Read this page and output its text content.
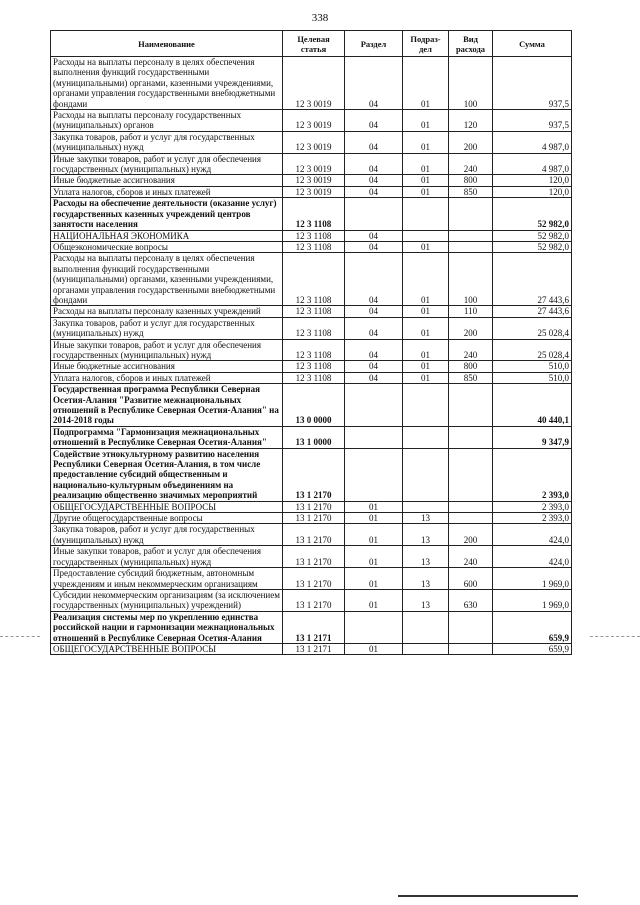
338
Наименование	Целевая статья	Раздел	Подраз-дел	Вид расхода	Сумма
Расходы на выплаты персоналу в целях обеспечения выполнения функций государственными (муниципальными) органами, казенными учреждениями, органами управления государственными внебюджетными фондами	12 3 0019	04	01	100	937,5
Расходы на выплаты персоналу государственных (муниципальных) органов	12 3 0019	04	01	120	937,5
Закупка товаров, работ и услуг для государственных (муниципальных) нужд	12 3 0019	04	01	200	4 987,0
Иные закупки товаров, работ и услуг для обеспечения государственных (муниципальных) нужд	12 3 0019	04	01	240	4 987,0
Иные бюджетные ассигнования	12 3 0019	04	01	800	120,0
Уплата налогов, сборов и иных платежей	12 3 0019	04	01	850	120,0
Расходы на обеспечение деятельности (оказание услуг) государственных казенных учреждений центров занятости населения	12 3 1108				52 982,0
НАЦИОНАЛЬНАЯ ЭКОНОМИКА	12 3 1108	04			52 982,0
Общеэкономические вопросы	12 3 1108	04	01		52 982,0
Расходы на выплаты персоналу в целях обеспечения выполнения функций государственными (муниципальными) органами, казенными учреждениями, органами управления государственными внебюджетными фондами	12 3 1108	04	01	100	27 443,6
Расходы на выплаты персоналу казенных учреждений	12 3 1108	04	01	110	27 443,6
Закупка товаров, работ и услуг для государственных (муниципальных) нужд	12 3 1108	04	01	200	25 028,4
Иные закупки товаров, работ и услуг для обеспечения государственных (муниципальных) нужд	12 3 1108	04	01	240	25 028,4
Иные бюджетные ассигнования	12 3 1108	04	01	800	510,0
Уплата налогов, сборов и иных платежей	12 3 1108	04	01	850	510,0
Государственная программа Республики Северная Осетия-Алания "Развитие межнациональных отношений в Республике Северная Осетия-Алания" на 2014-2018 годы	13 0 0000				40 440,1
Подпрограмма "Гармонизация межнациональных отношений в Республике Северная Осетия-Алания"	13 1 0000				9 347,9
Содействие этнокультурному развитию населения Республики Северная Осетия-Алания, в том числе предоставление субсидий общественным и национально-культурным объединениям на реализацию общественно значимых мероприятий	13 1 2170				2 393,0
ОБЩЕГОСУДАРСТВЕННЫЕ ВОПРОСЫ	13 1 2170	01			2 393,0
Другие общегосударственные вопросы	13 1 2170	01	13		2 393,0
Закупка товаров, работ и услуг для государственных (муниципальных) нужд	13 1 2170	01	13	200	424,0
Иные закупки товаров, работ и услуг для обеспечения государственных (муниципальных) нужд	13 1 2170	01	13	240	424,0
Предоставление субсидий бюджетным, автономным учреждениям и иным некоммерческим организациям	13 1 2170	01	13	600	1 969,0
Субсидии некоммерческим организациям (за исключением государственных (муниципальных) учреждений)	13 1 2170	01	13	630	1 969,0
Реализация системы мер по укреплению единства российской нации и гармонизации межнациональных отношений в Республике Северная Осетия-Алания	13 1 2171				659,9
ОБЩЕГОСУДАРСТВЕННЫЕ ВОПРОСЫ	13 1 2171	01			659,9
